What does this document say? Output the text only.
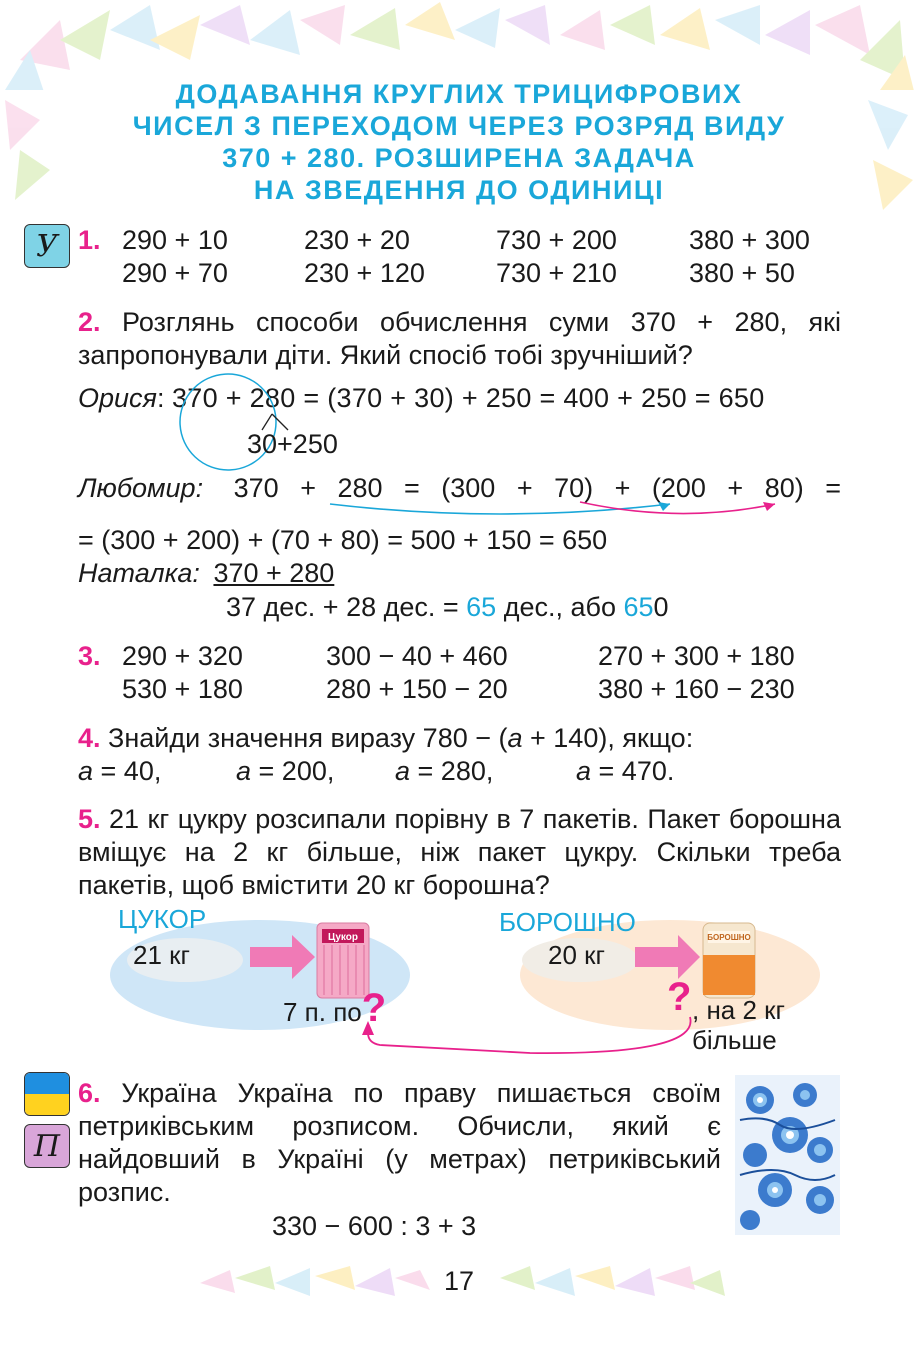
ДОДАВАННЯ КРУГЛИХ ТРИЦИФРОВИХ
ЧИСЕЛ З ПЕРЕХОДОМ ЧЕРЕЗ РОЗРЯД ВИДУ
370 + 280. РОЗШИРЕНА ЗАДАЧА
НА ЗВЕДЕННЯ ДО ОДИНИЦІ
У 1. 290 + 10	230 + 20	730 + 200	380 + 300
290 + 70	230 + 120	730 + 210	380 + 50
2. Розглянь способи обчислення суми 370 + 280, які запропонували діти. Який спосіб тобі зручніший?
Орися: 370 + 280 = (370 + 30) + 250 = 400 + 250 = 650
30+250
Любомир: 370 + 280 = (300 + 70) + (200 + 80) =
= (300 + 200) + (70 + 80) = 500 + 150 = 650
Наталка: 370 + 280
37 дес. + 28 дес. = 65 дес., або 650
3. 290 + 320	300 − 40 + 460	270 + 300 + 180
530 + 180	280 + 150 − 20	380 + 160 − 230
4. Знайди значення виразу 780 − (а + 140), якщо:
а = 40,	а = 200, а = 280,	а = 470.
5. 21 кг цукру розсипали порівну в 7 пакетів. Пакет борошна вміщує на 2 кг більше, ніж пакет цукру. Скільки треба пакетів, щоб вмістити 20 кг борошна?
Цукор	БОРОШНО
ЦУКОР
21 кг
7 п. по?
БОРОШНО
20 кг
? , на 2 кг
більше
П
6. Україна Україна по праву пишається своїм петриківським розписом. Обчисли, який є найдовший в Україні (у метрах) петриківський розпис.
330 − 600 : 3 + 3
17
